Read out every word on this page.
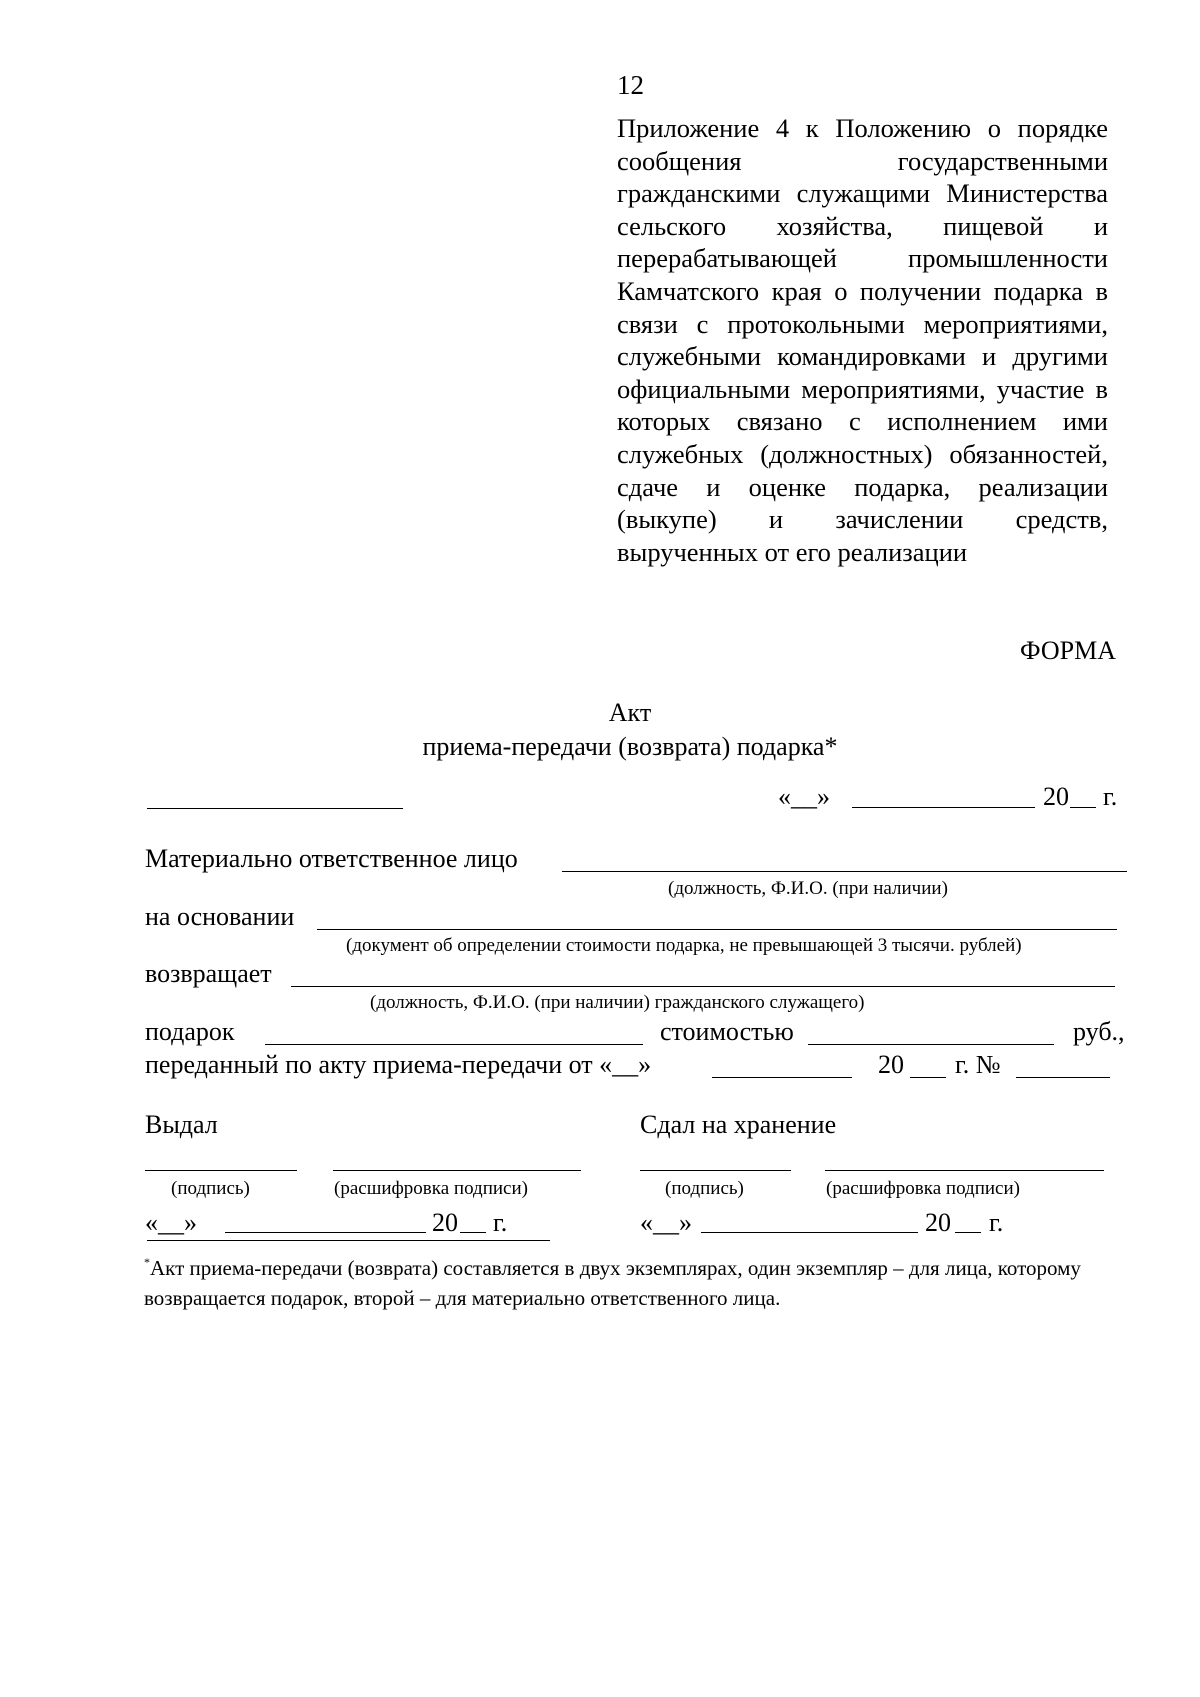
12

Приложение 4 к Положению о порядке сообщения государственными гражданскими служащими Министерства сельского хозяйства, пищевой и перерабатывающей промышленности Камчатского края о получении подарка в связи с протокольными мероприятиями, служебными командировками и другими официальными мероприятиями, участие в которых связано с исполнением ими служебных (должностных) обязанностей, сдаче и оценке подарка, реализации (выкупе) и зачислении средств, вырученных от его реализации

ФОРМА

Акт

приема-передачи (возврата) подарка*

«__»	20 г.
Материально ответственное лицо
(должность, Ф.И.О. (при наличии)
на основании
(документ об определении стоимости подарка, не превышающей 3 тысячи. рублей)
возвращает
(должность, Ф.И.О. (при наличии) гражданского служащего)
подарок	стоимостью	руб.,
переданный по акту приема-передачи от «__»	20 г. №
Выдал
(подпись)	(расшифровка подписи)
«__»	20 г.
Сдал на хранение
(подпись)	(расшифровка подписи)
«__»	20 г.

*Акт приема-передачи (возврата) составляется в двух экземплярах, один экземпляр – для лица, которому возвращается подарок, второй – для материально ответственного лица.
